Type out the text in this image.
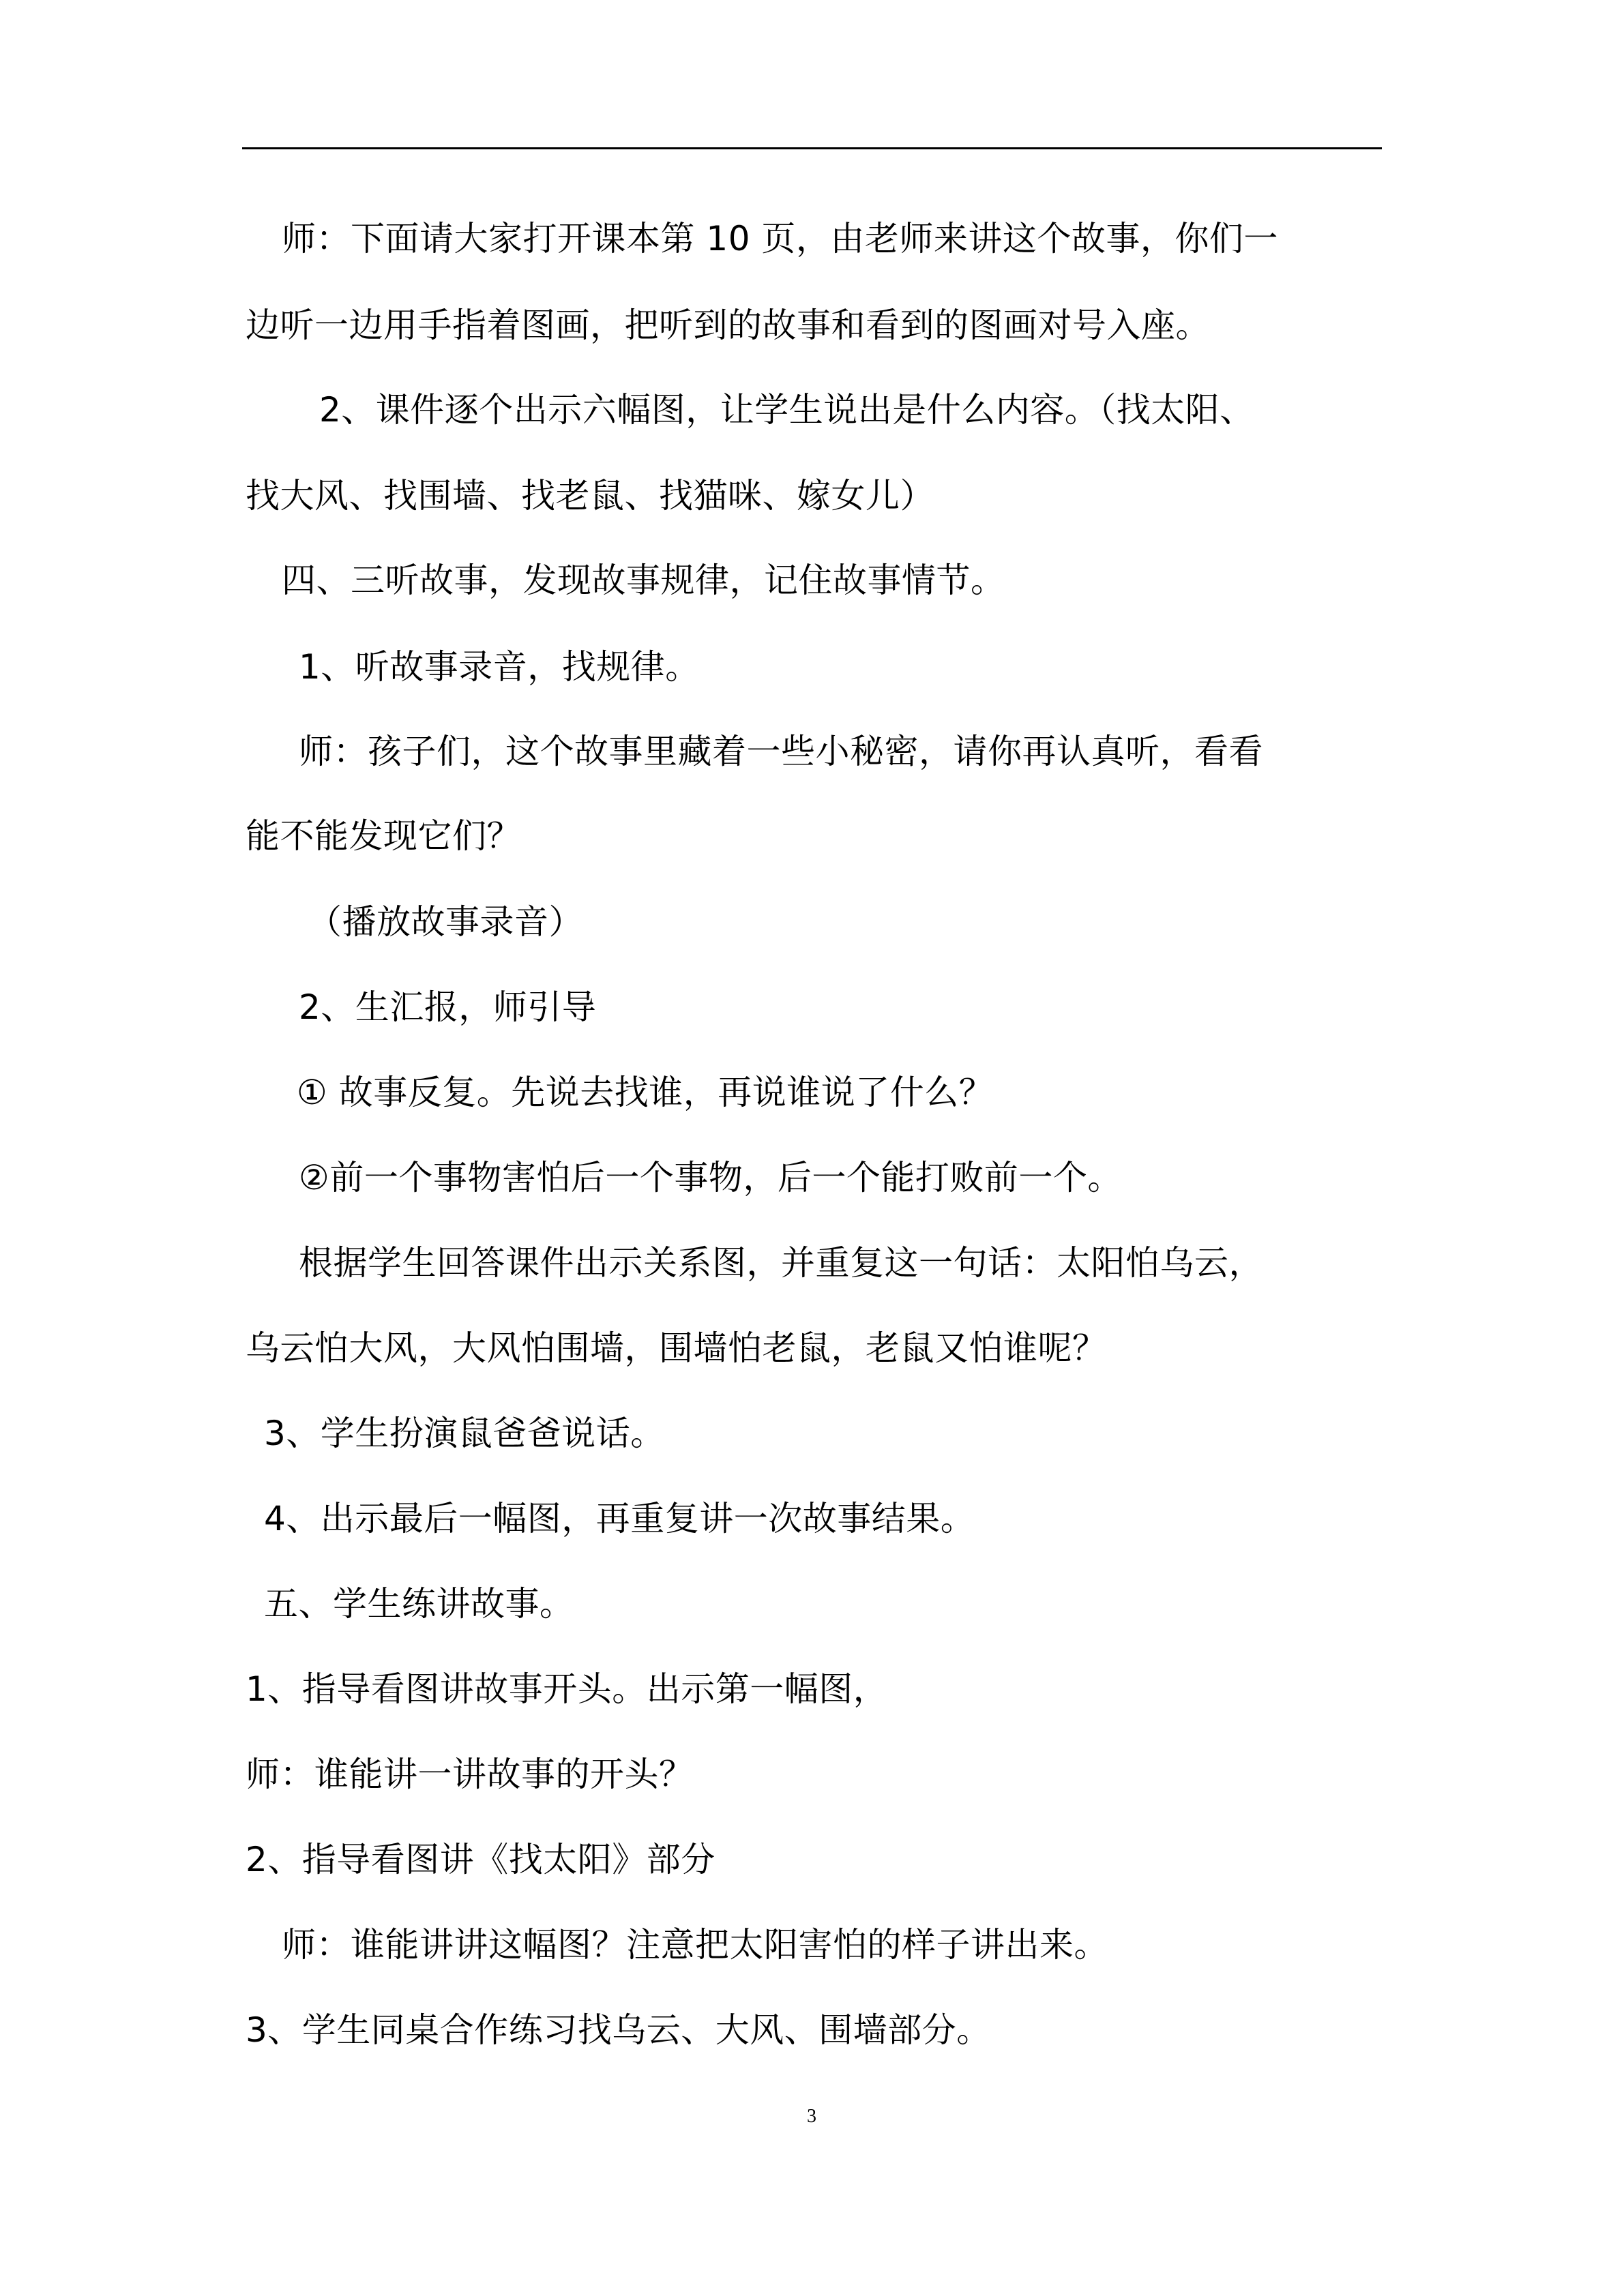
师：下面请大家打开课本第 10 页，由老师来讲这个故事，你们一
边听一边用手指着图画，把听到的故事和看到的图画对号入座。
2、课件逐个出示六幅图，让学生说出是什么内容。（找太阳、
找大风、找围墙、找老鼠、找猫咪、嫁女儿）
四、三听故事，发现故事规律，记住故事情节。
1、听故事录音，找规律。
师：孩子们，这个故事里藏着一些小秘密，请你再认真听，看看
能不能发现它们？
（播放故事录音）
2、生汇报，师引导
① 故事反复。先说去找谁，再说谁说了什么？
②前一个事物害怕后一个事物，后一个能打败前一个。
根据学生回答课件出示关系图，并重复这一句话：太阳怕乌云，
乌云怕大风，大风怕围墙，围墙怕老鼠，老鼠又怕谁呢？
3、学生扮演鼠爸爸说话。
4、出示最后一幅图，再重复讲一次故事结果。
五、学生练讲故事。
1、指导看图讲故事开头。出示第一幅图，
师：谁能讲一讲故事的开头？
2、指导看图讲《找太阳》部分
师：谁能讲讲这幅图？注意把太阳害怕的样子讲出来。
3、学生同桌合作练习找乌云、大风、围墙部分。
3
